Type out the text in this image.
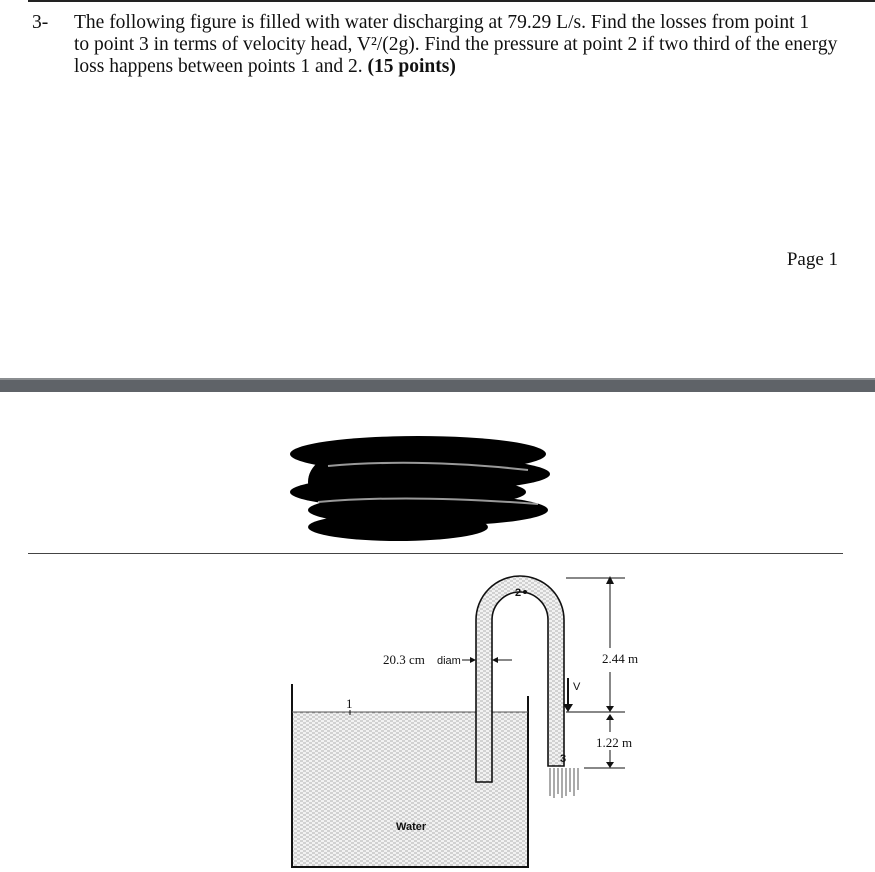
3- The following figure is filled with water discharging at 79.29 L/s. Find the losses from point 1
to point 3 in terms of velocity head, V²/(2g). Find the pressure at point 2 if two third of the energy
loss happens between points 1 and 2. (15 points)
Page 1
1
2
3
V
20.3 cm diam	2.44 m
1.22 m
Water
